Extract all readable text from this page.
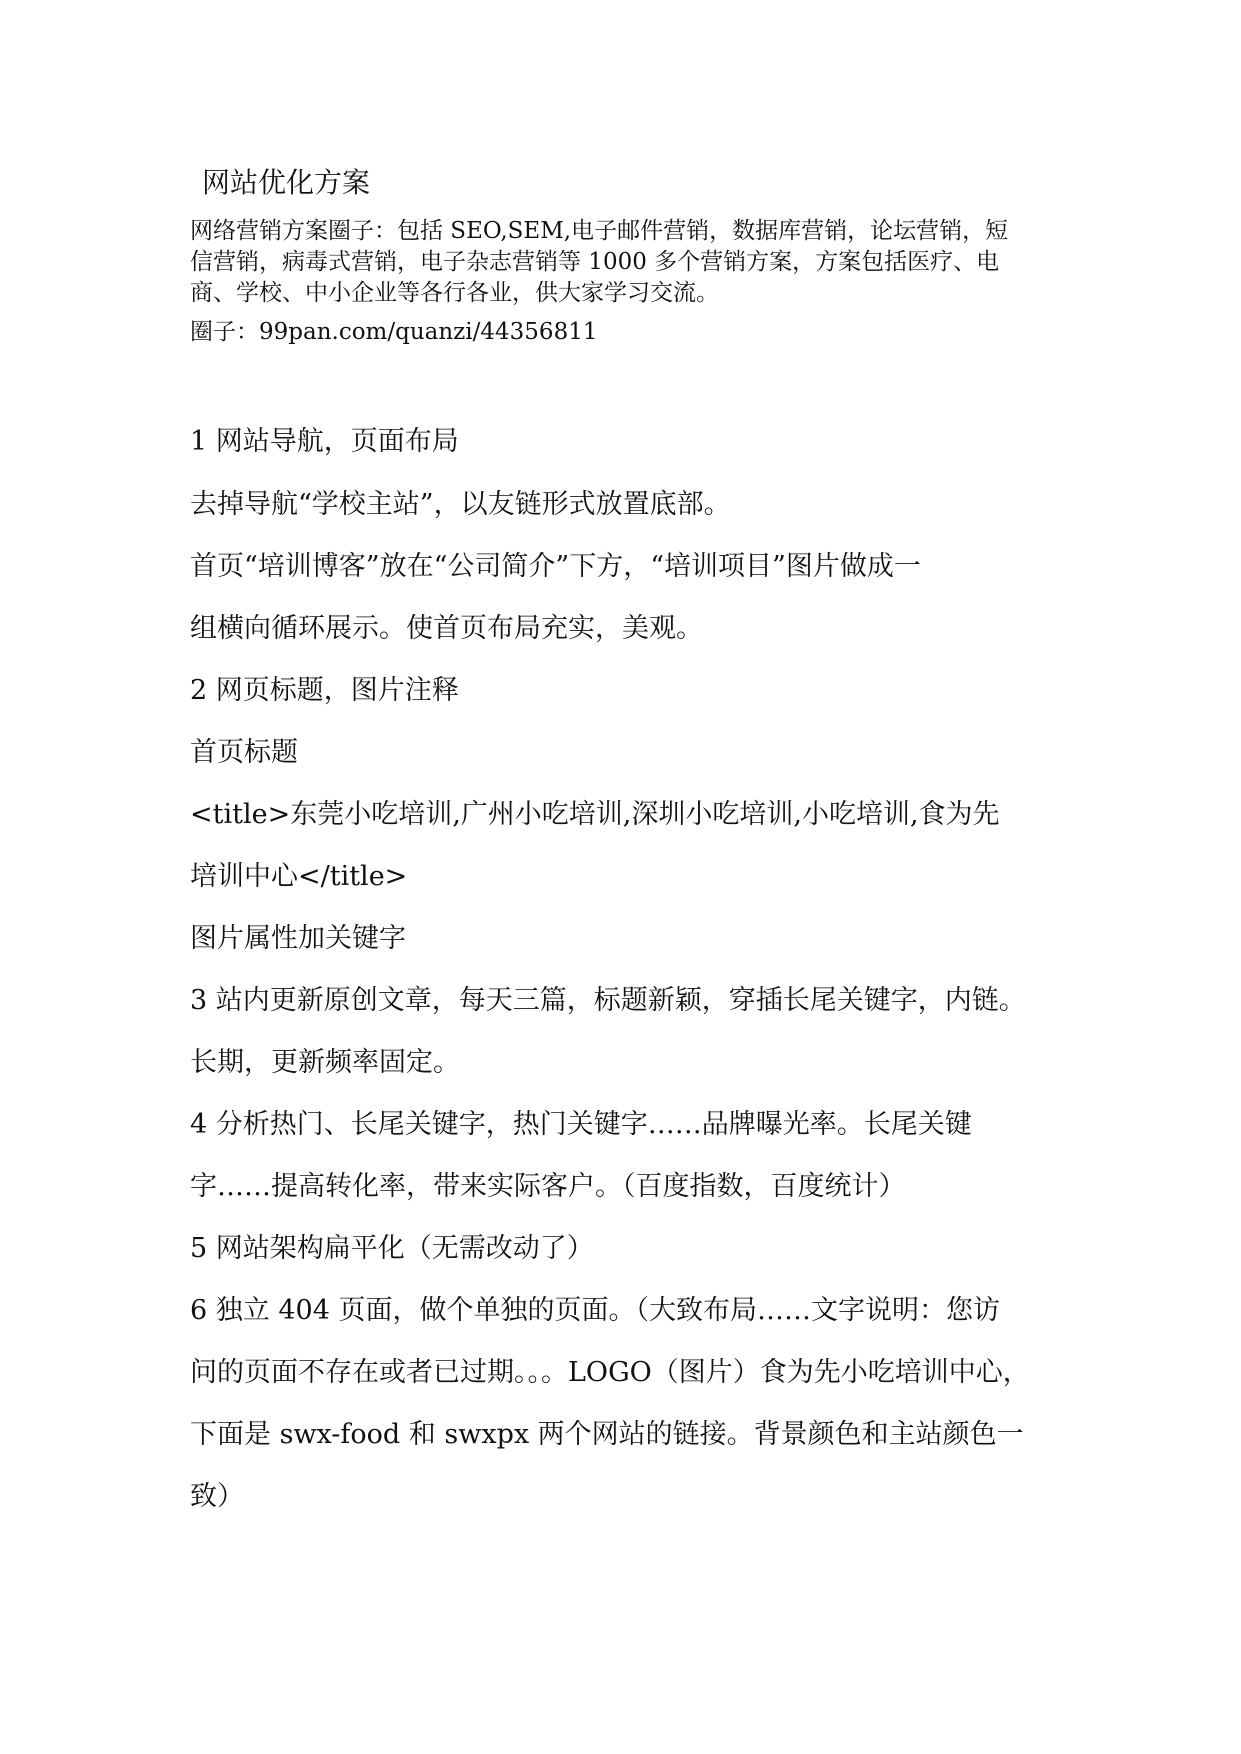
网站优化方案
网络营销方案圈子：包括 SEO,SEM,电子邮件营销，数据库营销，论坛营销，短
信营销，病毒式营销，电子杂志营销等 1000 多个营销方案，方案包括医疗、电
商、学校、中小企业等各行各业，供大家学习交流。
圈子：99pan.com/quanzi/44356811
1 网站导航，页面布局
去掉导航“学校主站”，以友链形式放置底部。
首页“培训博客”放在“公司简介”下方，“培训项目”图片做成一
组横向循环展示。使首页布局充实，美观。
2 网页标题，图片注释
首页标题
<title>东莞小吃培训,广州小吃培训,深圳小吃培训,小吃培训,食为先
培训中心</title>
图片属性加关键字
3 站内更新原创文章，每天三篇，标题新颖，穿插长尾关键字，内链。
长期，更新频率固定。
4 分析热门、长尾关键字，热门关键字……品牌曝光率。长尾关键
字……提高转化率，带来实际客户。（百度指数，百度统计）
5 网站架构扁平化（无需改动了）
6 独立 404 页面，做个单独的页面。（大致布局……文字说明：您访
问的页面不存在或者已过期。。。LOGO（图片）食为先小吃培训中心，
下面是 swx-food 和 swxpx 两个网站的链接。背景颜色和主站颜色一
致）
